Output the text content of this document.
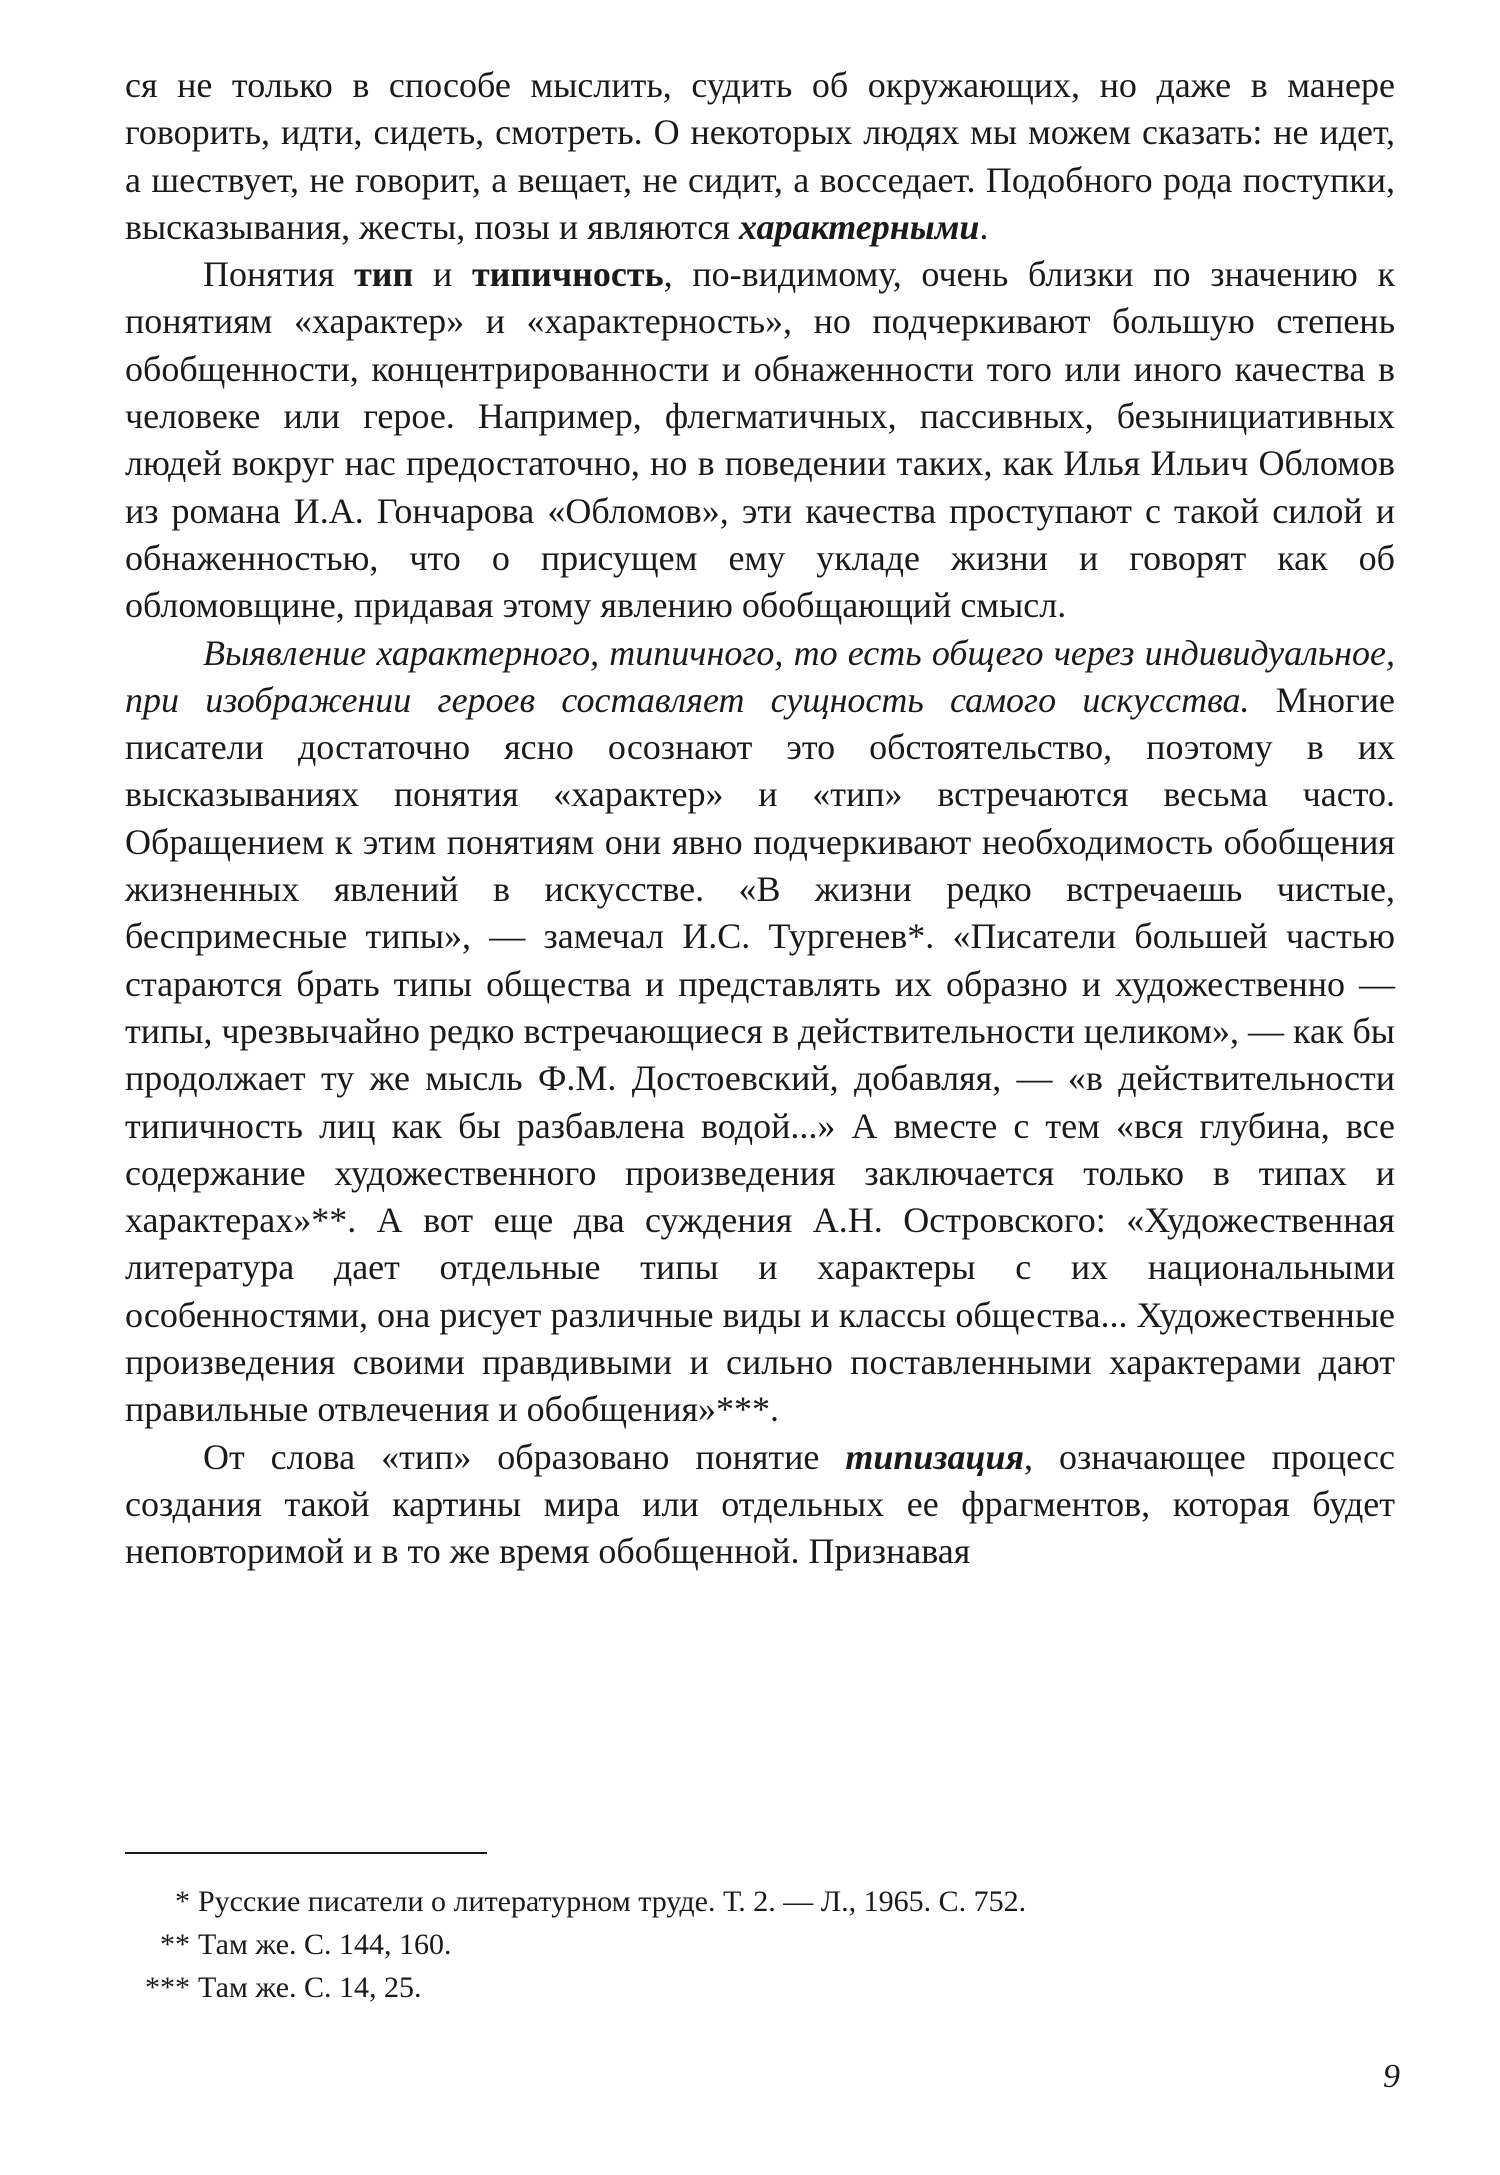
ся не только в способе мыслить, судить об окружающих, но даже в манере говорить, идти, сидеть, смотреть. О некоторых людях мы можем сказать: не идет, а шествует, не говорит, а вещает, не сидит, а восседает. Подобного рода поступки, высказывания, жесты, позы и являются характерными.

Понятия тип и типичность, по-видимому, очень близки по значению к понятиям «характер» и «характерность», но подчеркивают большую степень обобщенности, концентрированности и обнаженности того или иного качества в человеке или герое. Например, флегматичных, пассивных, безынициативных людей вокруг нас предостаточно, но в поведении таких, как Илья Ильич Обломов из романа И.А. Гончарова «Обломов», эти качества проступают с такой силой и обнаженностью, что о присущем ему укладе жизни и говорят как об обломовщине, придавая этому явлению обобщающий смысл.

Выявление характерного, типичного, то есть общего через индивидуальное, при изображении героев составляет сущность самого искусства. Многие писатели достаточно ясно осознают это обстоятельство, поэтому в их высказываниях понятия «характер» и «тип» встречаются весьма часто. Обращением к этим понятиям они явно подчеркивают необходимость обобщения жизненных явлений в искусстве. «В жизни редко встречаешь чистые, беспримесные типы», — замечал И.С. Тургенев*. «Писатели большей частью стараются брать типы общества и представлять их образно и художественно — типы, чрезвычайно редко встречающиеся в действительности целиком», — как бы продолжает ту же мысль Ф.М. Достоевский, добавляя, — «в действительности типичность лиц как бы разбавлена водой...» А вместе с тем «вся глубина, все содержание художественного произведения заключается только в типах и характерах»**. А вот еще два суждения А.Н. Островского: «Художественная литература дает отдельные типы и характеры с их национальными особенностями, она рисует различные виды и классы общества... Художественные произведения своими правдивыми и сильно поставленными характерами дают правильные отвлечения и обобщения»***.

От слова «тип» образовано понятие типизация, означающее процесс создания такой картины мира или отдельных ее фрагментов, которая будет неповторимой и в то же время обобщенной. Признавая

* Русские писатели о литературном труде. Т. 2. — Л., 1965. С. 752.

** Там же. С. 144, 160.

*** Там же. С. 14, 25.

9
